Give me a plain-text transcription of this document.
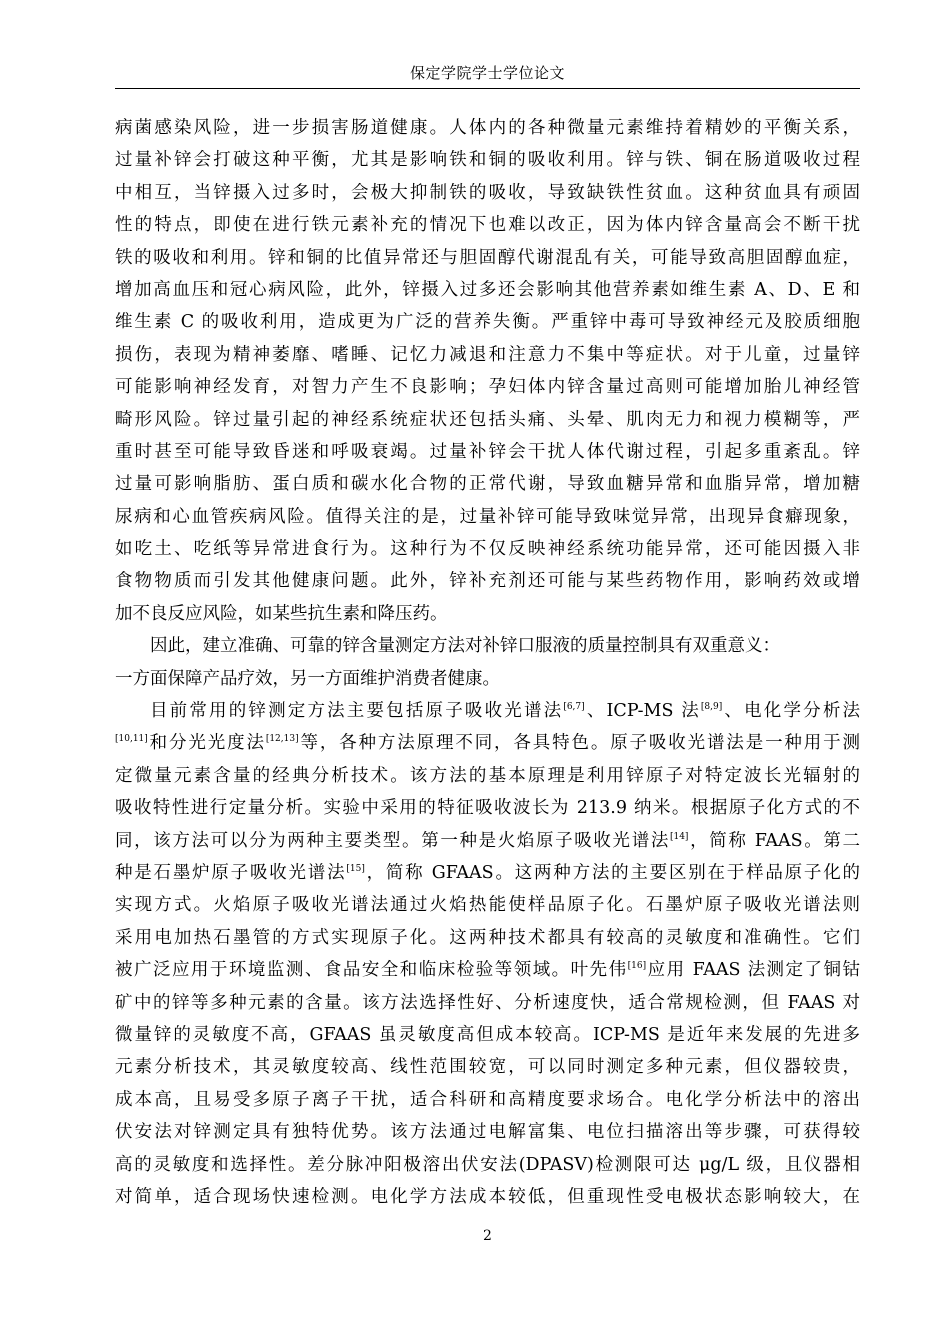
保定学院学士学位论文
病菌感染风险，进一步损害肠道健康。人体内的各种微量元素维持着精妙的平衡关系，
过量补锌会打破这种平衡，尤其是影响铁和铜的吸收利用。锌与铁、铜在肠道吸收过程
中相互，当锌摄入过多时，会极大抑制铁的吸收，导致缺铁性贫血。这种贫血具有顽固
性的特点，即使在进行铁元素补充的情况下也难以改正，因为体内锌含量高会不断干扰
铁的吸收和利用。锌和铜的比值异常还与胆固醇代谢混乱有关，可能导致高胆固醇血症，
增加高血压和冠心病风险，此外，锌摄入过多还会影响其他营养素如维生素 A、D、E 和
维生素 C 的吸收利用，造成更为广泛的营养失衡。严重锌中毒可导致神经元及胶质细胞
损伤，表现为精神萎靡、嗜睡、记忆力减退和注意力不集中等症状。对于儿童，过量锌
可能影响神经发育，对智力产生不良影响；孕妇体内锌含量过高则可能增加胎儿神经管
畸形风险。锌过量引起的神经系统症状还包括头痛、头晕、肌肉无力和视力模糊等，严
重时甚至可能导致昏迷和呼吸衰竭。过量补锌会干扰人体代谢过程，引起多重紊乱。锌
过量可影响脂肪、蛋白质和碳水化合物的正常代谢，导致血糖异常和血脂异常，增加糖
尿病和心血管疾病风险。值得关注的是，过量补锌可能导致味觉异常，出现异食癖现象，
如吃土、吃纸等异常进食行为。这种行为不仅反映神经系统功能异常，还可能因摄入非
食物物质而引发其他健康问题。此外，锌补充剂还可能与某些药物作用，影响药效或增
加不良反应风险，如某些抗生素和降压药。
因此，建立准确、可靠的锌含量测定方法对补锌口服液的质量控制具有双重意义：
一方面保障产品疗效，另一方面维护消费者健康。
目前常用的锌测定方法主要包括原子吸收光谱法[6,7]、ICP-MS 法[8,9]、电化学分析法
[10,11]和分光光度法[12,13]等，各种方法原理不同，各具特色。原子吸收光谱法是一种用于测
定微量元素含量的经典分析技术。该方法的基本原理是利用锌原子对特定波长光辐射的
吸收特性进行定量分析。实验中采用的特征吸收波长为 213.9 纳米。根据原子化方式的不
同，该方法可以分为两种主要类型。第一种是火焰原子吸收光谱法[14]，简称 FAAS。第二
种是石墨炉原子吸收光谱法[15]，简称 GFAAS。这两种方法的主要区别在于样品原子化的
实现方式。火焰原子吸收光谱法通过火焰热能使样品原子化。石墨炉原子吸收光谱法则
采用电加热石墨管的方式实现原子化。这两种技术都具有较高的灵敏度和准确性。它们
被广泛应用于环境监测、食品安全和临床检验等领域。叶先伟[16]应用 FAAS 法测定了铜钴
矿中的锌等多种元素的含量。该方法选择性好、分析速度快，适合常规检测，但 FAAS 对
微量锌的灵敏度不高，GFAAS 虽灵敏度高但成本较高。ICP-MS 是近年来发展的先进多
元素分析技术，其灵敏度较高、线性范围较宽，可以同时测定多种元素，但仪器较贵，
成本高，且易受多原子离子干扰，适合科研和高精度要求场合。电化学分析法中的溶出
伏安法对锌测定具有独特优势。该方法通过电解富集、电位扫描溶出等步骤，可获得较
高的灵敏度和选择性。差分脉冲阳极溶出伏安法(DPASV)检测限可达 μg/L 级，且仪器相
对简单，适合现场快速检测。电化学方法成本较低，但重现性受电极状态影响较大，在
2
